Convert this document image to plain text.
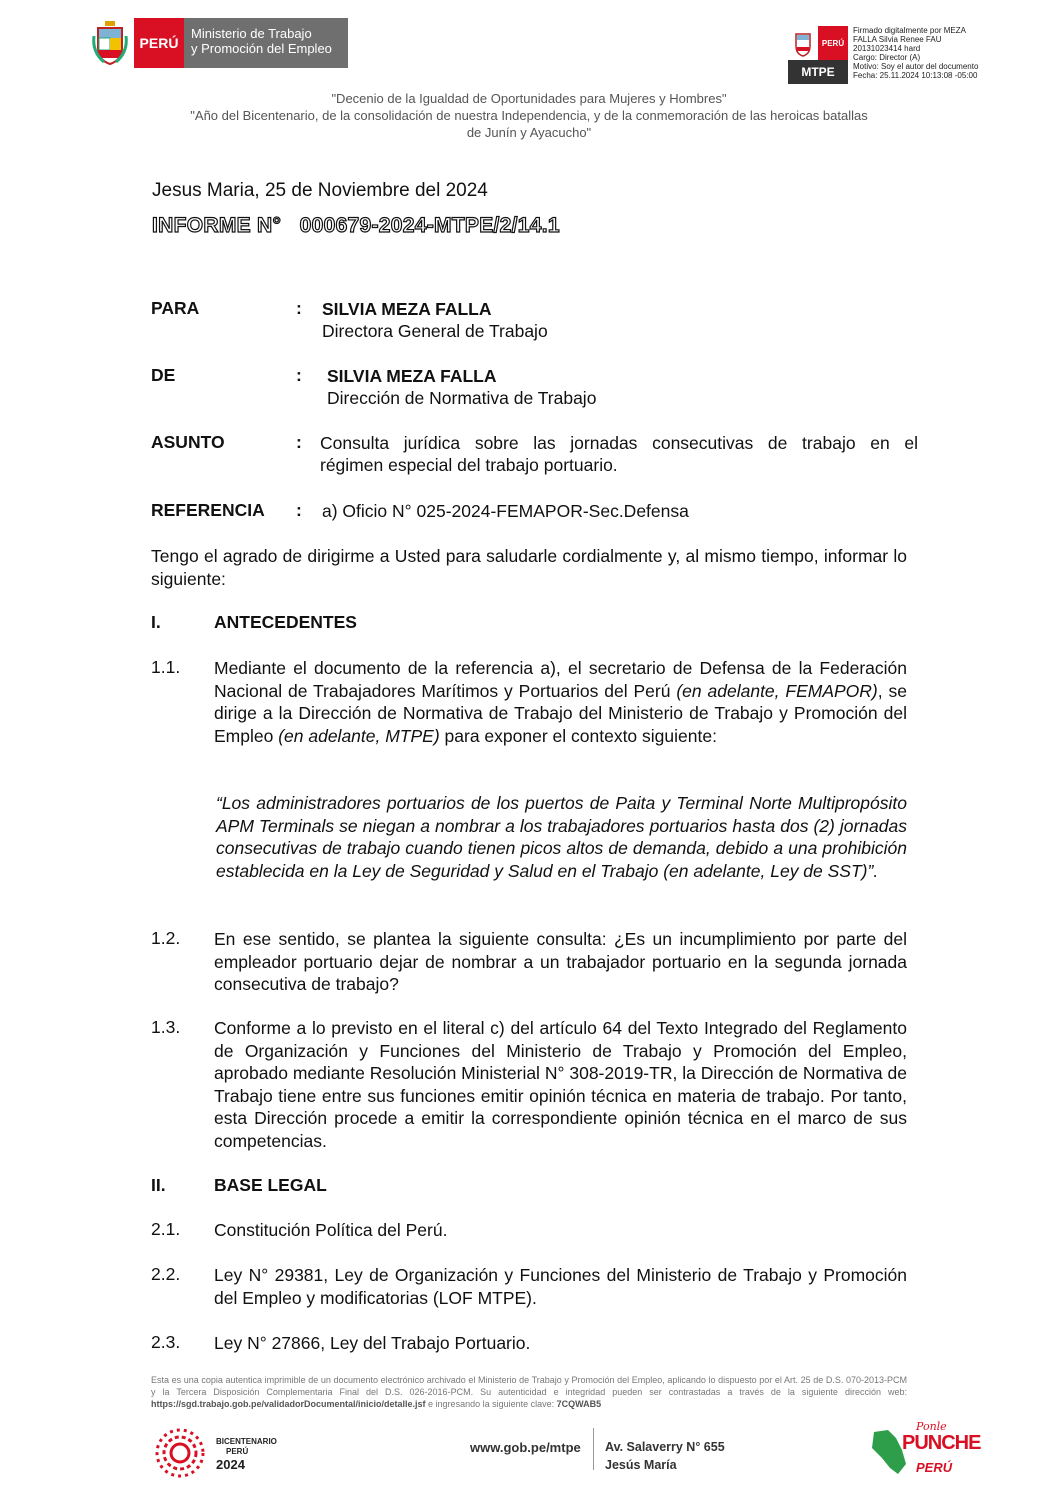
PERÚ
Ministerio de Trabajo
y Promoción del Empleo	PERÚ
MTPE
Firmado digitalmente por MEZA
FALLA Silvia Renee FAU
20131023414 hard
Cargo: Director (A)
Motivo: Soy el autor del documento
Fecha: 25.11.2024 10:13:08 -05:00
"Decenio de la Igualdad de Oportunidades para Mujeres y Hombres"
"Año del Bicentenario, de la consolidación de nuestra Independencia, y de la conmemoración de las heroicas batallas
de Junín y Ayacucho"
Jesus Maria, 25 de Noviembre del 2024
INFORME N°   000679-2024-MTPE/2/14.1
PARA	: SILVIA MEZA FALLA
Directora General de Trabajo
DE	: SILVIA MEZA FALLA
Dirección de Normativa de Trabajo
ASUNTO	: Consulta jurídica sobre las jornadas consecutivas de trabajo en el
régimen especial del trabajo portuario.
REFERENCIA : a) Oficio N° 025-2024-FEMAPOR-Sec.Defensa
Tengo el agrado de dirigirme a Usted para saludarle cordialmente y, al mismo tiempo, informar lo siguiente:
I.	ANTECEDENTES
1.1. Mediante el documento de la referencia a), el secretario de Defensa de la Federación Nacional de Trabajadores Marítimos y Portuarios del Perú (en adelante, FEMAPOR), se dirige a la Dirección de Normativa de Trabajo del Ministerio de Trabajo y Promoción del Empleo (en adelante, MTPE) para exponer el contexto siguiente:
“Los administradores portuarios de los puertos de Paita y Terminal Norte Multipropósito APM Terminals se niegan a nombrar a los trabajadores portuarios hasta dos (2) jornadas consecutivas de trabajo cuando tienen picos altos de demanda, debido a una prohibición establecida en la Ley de Seguridad y Salud en el Trabajo (en adelante, Ley de SST)”.
1.2. En ese sentido, se plantea la siguiente consulta: ¿Es un incumplimiento por parte del empleador portuario dejar de nombrar a un trabajador portuario en la segunda jornada consecutiva de trabajo?
1.3. Conforme a lo previsto en el literal c) del artículo 64 del Texto Integrado del Reglamento de Organización y Funciones del Ministerio de Trabajo y Promoción del Empleo, aprobado mediante Resolución Ministerial N° 308-2019-TR, la Dirección de Normativa de Trabajo tiene entre sus funciones emitir opinión técnica en materia de trabajo. Por tanto, esta Dirección procede a emitir la correspondiente opinión técnica en el marco de sus competencias.
II.	BASE LEGAL
2.1. Constitución Política del Perú.
2.2. Ley N° 29381, Ley de Organización y Funciones del Ministerio de Trabajo y Promoción del Empleo y modificatorias (LOF MTPE).
2.3. Ley N° 27866, Ley del Trabajo Portuario.
Esta es una copia autentica imprimible de un documento electrónico archivado el Ministerio de Trabajo y Promoción del Empleo, aplicando lo dispuesto por el Art. 25 de D.S. 070-2013-PCM y la Tercera Disposición Complementaria Final del D.S. 026-2016-PCM. Su autenticidad e integridad pueden ser contrastadas a través de la siguiente dirección web: https://sgd.trabajo.gob.pe/validadorDocumental/inicio/detalle.jsf e ingresando la siguiente clave: 7CQWAB5
BICENTENARIO
PERÚ
2024
www.gob.pe/mtpe Av. Salaverry N° 655
Jesús María
Ponle
PUNCHE
PERÚ
